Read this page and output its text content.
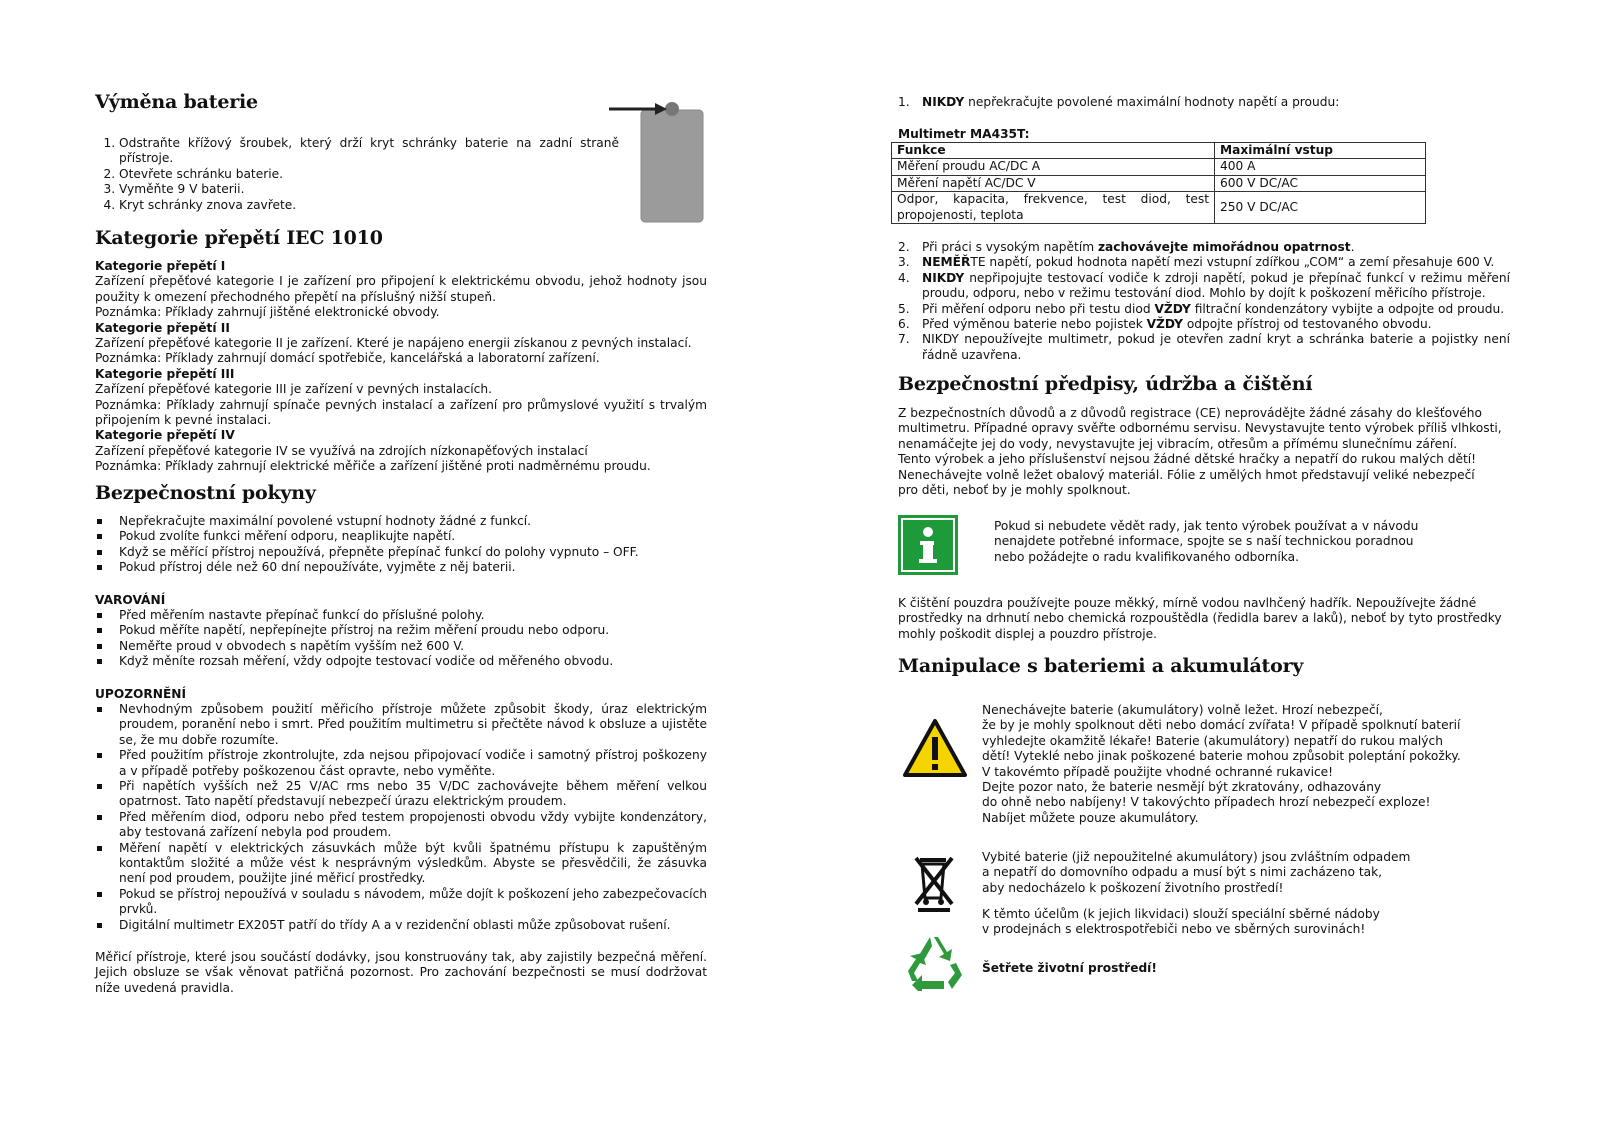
Výměna baterie
1. Odstraňte křížový šroubek, který drží kryt schránky baterie na zadní straně přístroje.
2. Otevřete schránku baterie.
3. Vyměňte 9 V baterii.
4. Kryt schránky znova zavřete.
Kategorie přepětí IEC 1010
Kategorie přepětí I
Zařízení přepěťové kategorie I je zařízení pro připojení k elektrickému obvodu, jehož hodnoty jsou použity k omezení přechodného přepětí na příslušný nižší stupeň.
Poznámka: Příklady zahrnují jištěné elektronické obvody.
Kategorie přepětí II
Zařízení přepěťové kategorie II je zařízení. Které je napájeno energii získanou z pevných instalací.
Poznámka: Příklady zahrnují domácí spotřebiče, kancelářská a laboratorní zařízení.
Kategorie přepětí III
Zařízení přepěťové kategorie III je zařízení v pevných instalacích.
Poznámka: Příklady zahrnují spínače pevných instalací a zařízení pro průmyslové využití s trvalým připojením k pevné instalaci.
Kategorie přepětí IV
Zařízení přepěťové kategorie IV se využívá na zdrojích nízkonapěťových instalací
Poznámka: Příklady zahrnují elektrické měřiče a zařízení jištěné proti nadměrnému proudu.
Bezpečnostní pokyny
Nepřekračujte maximální povolené vstupní hodnoty žádné z funkcí.
Pokud zvolíte funkci měření odporu, neaplikujte napětí.
Když se měřící přístroj nepoužívá, přepněte přepínač funkcí do polohy vypnuto – OFF.
Pokud přístroj déle než 60 dní nepoužíváte, vyjměte z něj baterii.
VAROVÁNÍ
Před měřením nastavte přepínač funkcí do příslušné polohy.
Pokud měříte napětí, nepřepínejte přístroj na režim měření proudu nebo odporu.
Neměřte proud v obvodech s napětím vyšším než 600 V.
Když měníte rozsah měření, vždy odpojte testovací vodiče od měřeného obvodu.
UPOZORNĚNÍ
Nevhodným způsobem použití měřicího přístroje můžete způsobit škody, úraz elektrickým proudem, poranění nebo i smrt. Před použitím multimetru si přečtěte návod k obsluze a ujistěte se, že mu dobře rozumíte.
Před použitím přístroje zkontrolujte, zda nejsou připojovací vodiče i samotný přístroj poškozeny a v případě potřeby poškozenou část opravte, nebo vyměňte.
Při napětích vyšších než 25 V/AC rms nebo 35 V/DC zachovávejte během měření velkou opatrnost. Tato napětí představují nebezpečí úrazu elektrickým proudem.
Před měřením diod, odporu nebo před testem propojenosti obvodu vždy vybijte kondenzátory, aby testovaná zařízení nebyla pod proudem.
Měření napětí v elektrických zásuvkách může být kvůli špatnému přístupu k zapuštěným kontaktům složité a může vést k nesprávným výsledkům. Abyste se přesvědčili, že zásuvka není pod proudem, použijte jiné měřicí prostředky.
Pokud se přístroj nepoužívá v souladu s návodem, může dojít k poškození jeho zabezpečovacích prvků.
Digitální multimetr EX205T patří do třídy A a v rezidenční oblasti může způsobovat rušení.

Měřicí přístroje, které jsou součástí dodávky, jsou konstruovány tak, aby zajistily bezpečná měření. Jejich obsluze se však věnovat patřičná pozornost. Pro zachování bezpečnosti se musí dodržovat níže uvedená pravidla.

1. NIKDY nepřekračujte povolené maximální hodnoty napětí a proudu:
Multimetr MA435T:
Funkce	Maximální vstup
Měření proudu AC/DC A	400 A
Měření napětí AC/DC V	600 V DC/AC
Odpor, kapacita, frekvence, test diod, test propojenosti, teplota	250 V DC/AC
2.	Při práci s vysokým napětím zachovávejte mimořádnou opatrnost.
3.	NEMĚŘTE napětí, pokud hodnota napětí mezi vstupní zdířkou „COM“ a zemí přesahuje 600 V.
4.	NIKDY nepřipojujte testovací vodiče k zdroji napětí, pokud je přepínač funkcí v režimu měření proudu, odporu, nebo v režimu testování diod. Mohlo by dojít k poškození měřicího přístroje.
5.	Při měření odporu nebo při testu diod VŽDY filtrační kondenzátory vybijte a odpojte od proudu.
6.	Před výměnou baterie nebo pojistek VŽDY odpojte přístroj od testovaného obvodu.
7.	NIKDY nepoužívejte multimetr, pokud je otevřen zadní kryt a schránka baterie a pojistky není řádně uzavřena.
Bezpečnostní předpisy, údržba a čištění
Z bezpečnostních důvodů a z důvodů registrace (CE) neprovádějte žádné zásahy do klešťového
multimetru. Případné opravy svěřte odbornému servisu. Nevystavujte tento výrobek příliš vlhkosti,
nenamáčejte jej do vody, nevystavujte jej vibracím, otřesům a přímému slunečnímu záření.
Tento výrobek a jeho příslušenství nejsou žádné dětské hračky a nepatří do rukou malých dětí!
Nenechávejte volně ležet obalový materiál. Fólie z umělých hmot představují veliké nebezpečí
pro děti, neboť by je mohly spolknout.
Pokud si nebudete vědět rady, jak tento výrobek používat a v návodu
nenajdete potřebné informace, spojte se s naší technickou poradnou
nebo požádejte o radu kvalifikovaného odborníka.
K čištění pouzdra používejte pouze měkký, mírně vodou navlhčený hadřík. Nepoužívejte žádné
prostředky na drhnutí nebo chemická rozpouštědla (ředidla barev a laků), neboť by tyto prostředky
mohly poškodit displej a pouzdro přístroje.
Manipulace s bateriemi a akumulátory
Nenechávejte baterie (akumulátory) volně ležet. Hrozí nebezpečí,
že by je mohly spolknout děti nebo domácí zvířata! V případě spolknutí baterií
vyhledejte okamžitě lékaře! Baterie (akumulátory) nepatří do rukou malých
dětí! Vyteklé nebo jinak poškozené baterie mohou způsobit poleptání pokožky.
V takovémto případě použijte vhodné ochranné rukavice!
Dejte pozor nato, že baterie nesmějí být zkratovány, odhazovány
do ohně nebo nabíjeny! V takovýchto případech hrozí nebezpečí exploze!
Nabíjet můžete pouze akumulátory.
Vybité baterie (již nepoužitelné akumulátory) jsou zvláštním odpadem
a nepatří do domovního odpadu a musí být s nimi zacházeno tak,
aby nedocházelo k poškození životního prostředí!
K těmto účelům (k jejich likvidaci) slouží speciální sběrné nádoby
v prodejnách s elektrospotřebiči nebo ve sběrných surovinách!
Šetřete životní prostředí!
